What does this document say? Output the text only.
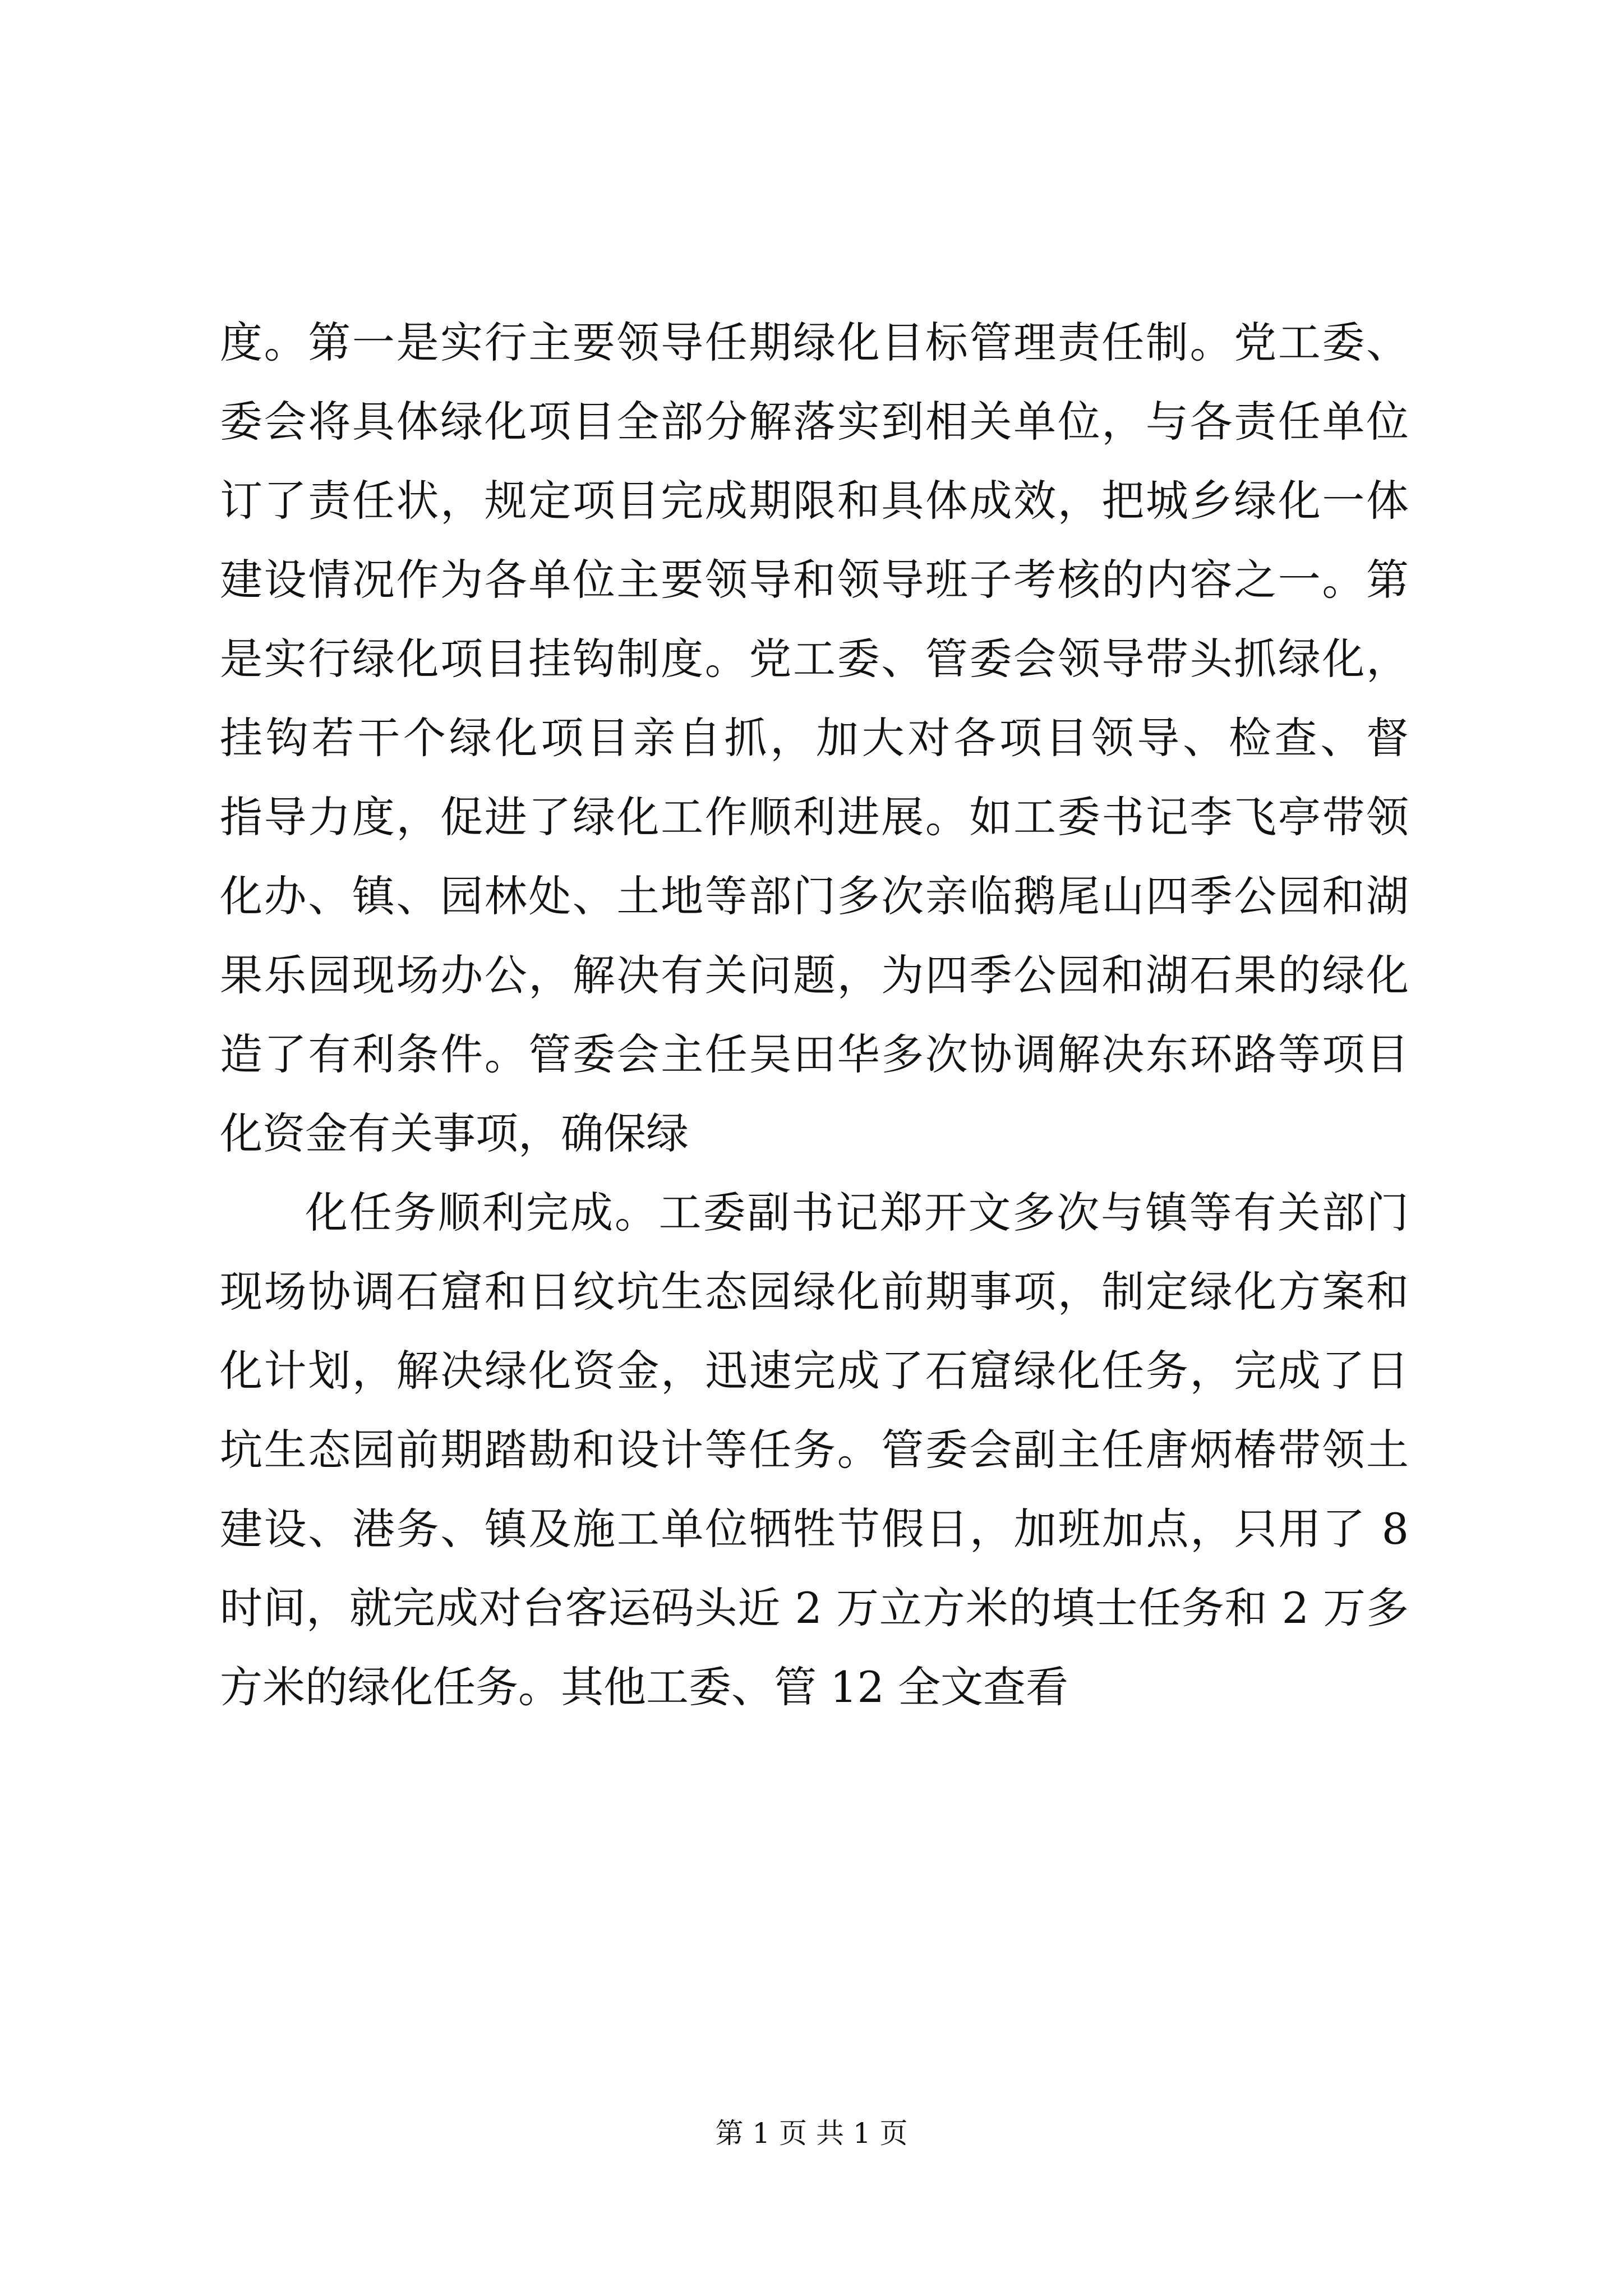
度。第一是实行主要领导任期绿化目标管理责任制。党工委、
委会将具体绿化项目全部分解落实到相关单位，与各责任单位
订了责任状，规定项目完成期限和具体成效，把城乡绿化一体
建设情况作为各单位主要领导和领导班子考核的内容之一。第
是实行绿化项目挂钩制度。党工委、管委会领导带头抓绿化，
挂钩若干个绿化项目亲自抓，加大对各项目领导、检查、督
指导力度，促进了绿化工作顺利进展。如工委书记李飞亭带领
化办、镇、园林处、土地等部门多次亲临鹅尾山四季公园和湖
果乐园现场办公，解决有关问题，为四季公园和湖石果的绿化
造了有利条件。管委会主任吴田华多次协调解决东环路等项目
化资金有关事项，确保绿
化任务顺利完成。工委副书记郑开文多次与镇等有关部门
现场协调石窟和日纹坑生态园绿化前期事项，制定绿化方案和
化计划，解决绿化资金，迅速完成了石窟绿化任务，完成了日
坑生态园前期踏勘和设计等任务。管委会副主任唐炳椿带领土
建设、港务、镇及施工单位牺牲节假日，加班加点，只用了 8
时间，就完成对台客运码头近 2 万立方米的填士任务和 2 万多
方米的绿化任务。其他工委、管 12 全文查看
第 1 页 共 1 页
